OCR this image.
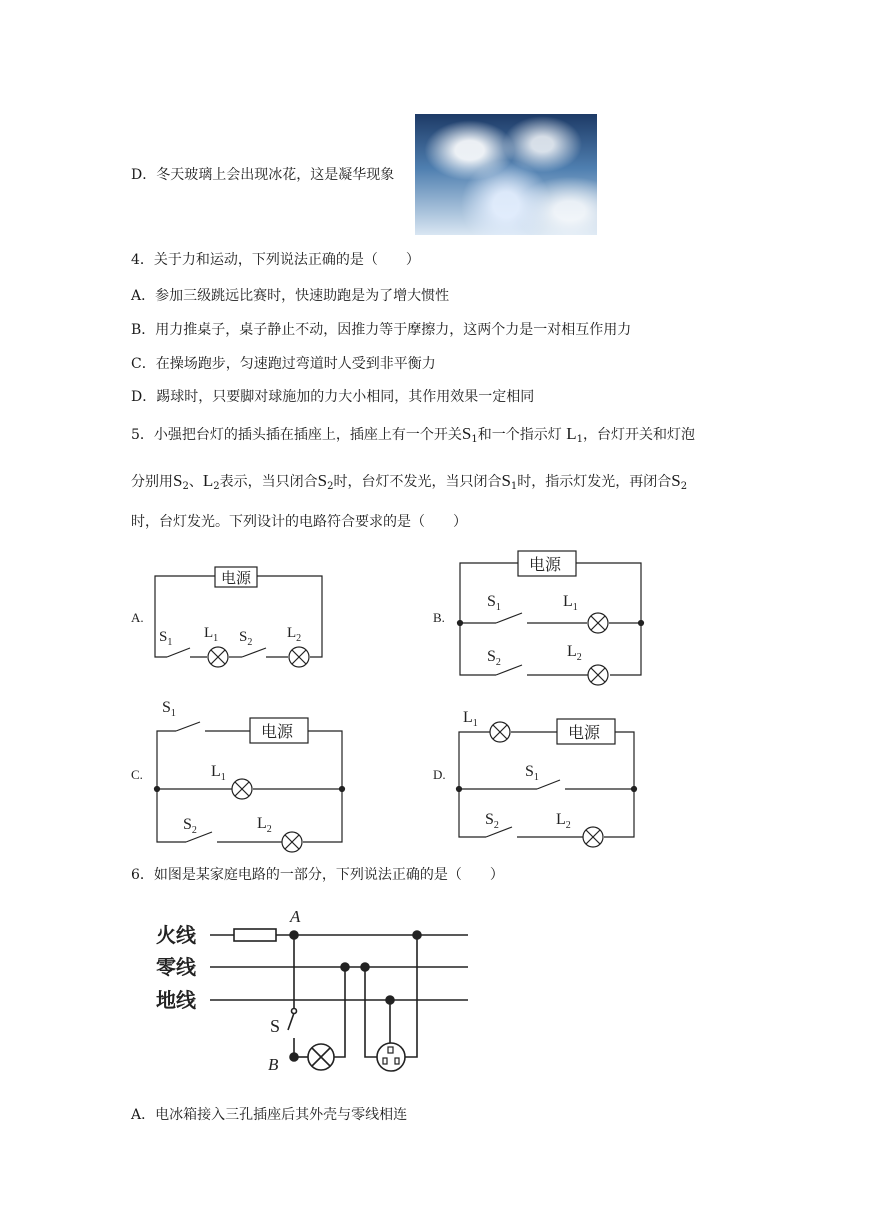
D．冬天玻璃上会出现冰花，这是凝华现象
4．关于力和运动，下列说法正确的是（　　）
A．参加三级跳远比赛时，快速助跑是为了增大惯性
B．用力推桌子，桌子静止不动，因推力等于摩擦力，这两个力是一对相互作用力
C．在操场跑步，匀速跑过弯道时人受到非平衡力
D．踢球时，只要脚对球施加的力大小相同，其作用效果一定相同
5．小强把台灯的插头插在插座上，插座上有一个开关$S_1$和一个指示灯 $L_1$，台灯开关和灯泡
分别用$S_2$、$L_2$表示，当只闭合$S_2$时，台灯不发光，当只闭合$S_1$时，指示灯发光，再闭合$S_2$
时，台灯发光。下列设计的电路符合要求的是（　　）
A.
电源
$S_1$
$L_1$ $S_2$
$L_2$
B.
电源
$S_1$	$L_1$
$S_2$
$L_2$
C.
电源
$S_1$
$L_1$
$S_2$	$L_2$
D.
电源
$L_1$
$S_1$
$S_2$	$L_2$
6．如图是某家庭电路的一部分，下列说法正确的是（　　）
火线
零线
地线
A
S
B
A．电冰箱接入三孔插座后其外壳与零线相连
